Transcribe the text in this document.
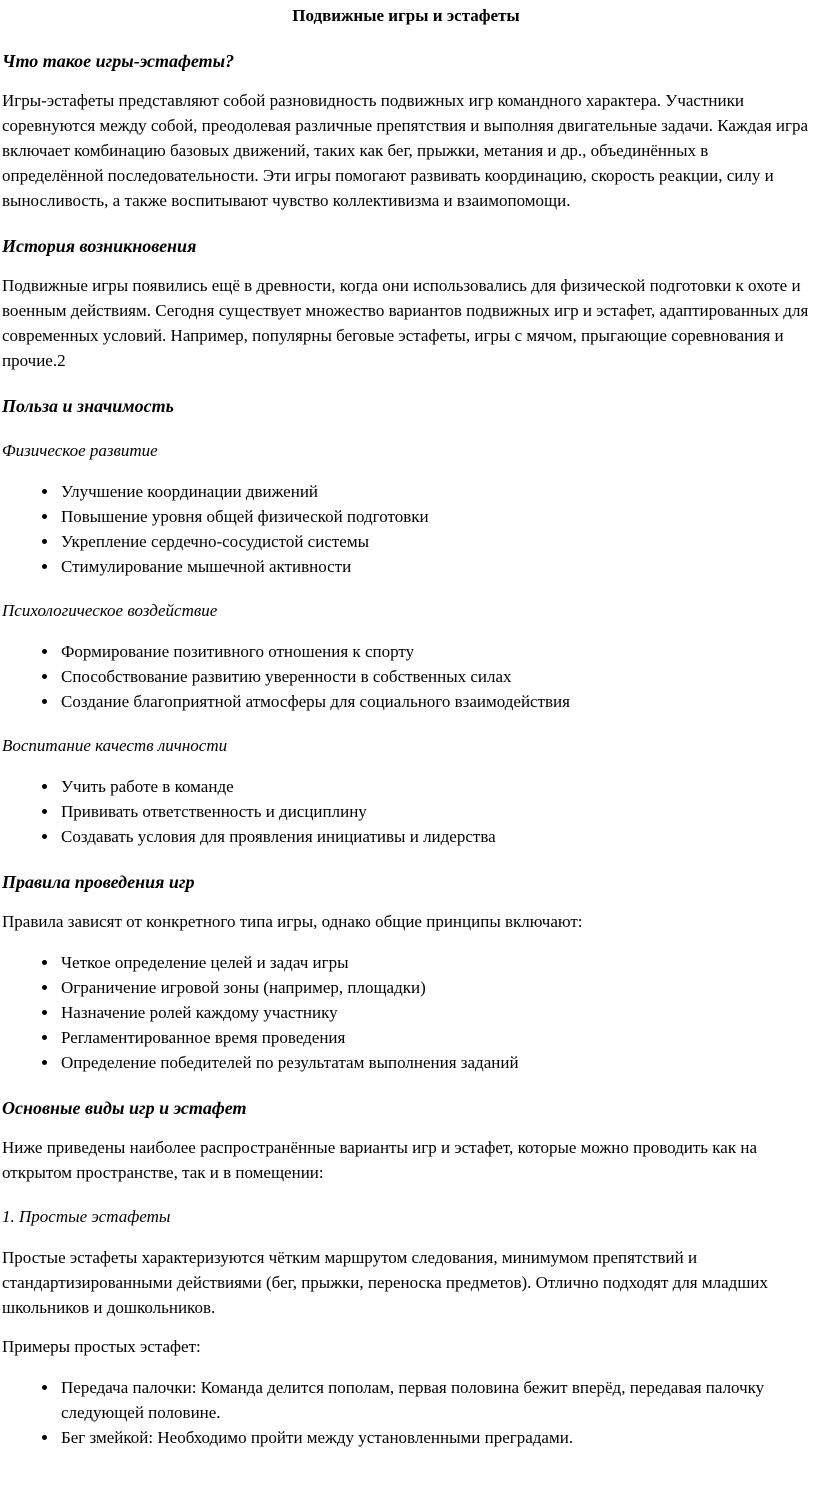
Подвижные игры и эстафеты
Что такое игры-эстафеты?

Игры-эстафеты представляют собой разновидность подвижных игр командного характера. Участники соревнуются между собой, преодолевая различные препятствия и выполняя двигательные задачи. Каждая игра включает комбинацию базовых движений, таких как бег, прыжки, метания и др., объединённых в определённой последовательности. Эти игры помогают развивать координацию, скорость реакции, силу и выносливость, а также воспитывают чувство коллективизма и взаимопомощи.

История возникновения

Подвижные игры появились ещё в древности, когда они использовались для физической подготовки к охоте и военным действиям. Сегодня существует множество вариантов подвижных игр и эстафет, адаптированных для современных условий. Например, популярны беговые эстафеты, игры с мячом, прыгающие соревнования и прочие.2

Польза и значимость
Физическое развитие
• Улучшение координации движений
• Повышение уровня общей физической подготовки
• Укрепление сердечно-сосудистой системы
• Стимулирование мышечной активности
Психологическое воздействие
• Формирование позитивного отношения к спорту
• Способствование развитию уверенности в собственных силах
• Создание благоприятной атмосферы для социального взаимодействия
Воспитание качеств личности
• Учить работе в команде
• Прививать ответственность и дисциплину
• Создавать условия для проявления инициативы и лидерства
Правила проведения игр

Правила зависят от конкретного типа игры, однако общие принципы включают:

• Четкое определение целей и задач игры
• Ограничение игровой зоны (например, площадки)
• Назначение ролей каждому участнику
• Регламентированное время проведения
• Определение победителей по результатам выполнения заданий
Основные виды игр и эстафет

Ниже приведены наиболее распространённые варианты игр и эстафет, которые можно проводить как на открытом пространстве, так и в помещении:

1. Простые эстафеты

Простые эстафеты характеризуются чётким маршрутом следования, минимумом препятствий и стандартизированными действиями (бег, прыжки, переноска предметов). Отлично подходят для младших школьников и дошкольников.

Примеры простых эстафет:

• Передача палочки: Команда делится пополам, первая половина бежит вперёд, передавая палочку следующей половине.
• Бег змейкой: Необходимо пройти между установленными преградами.
